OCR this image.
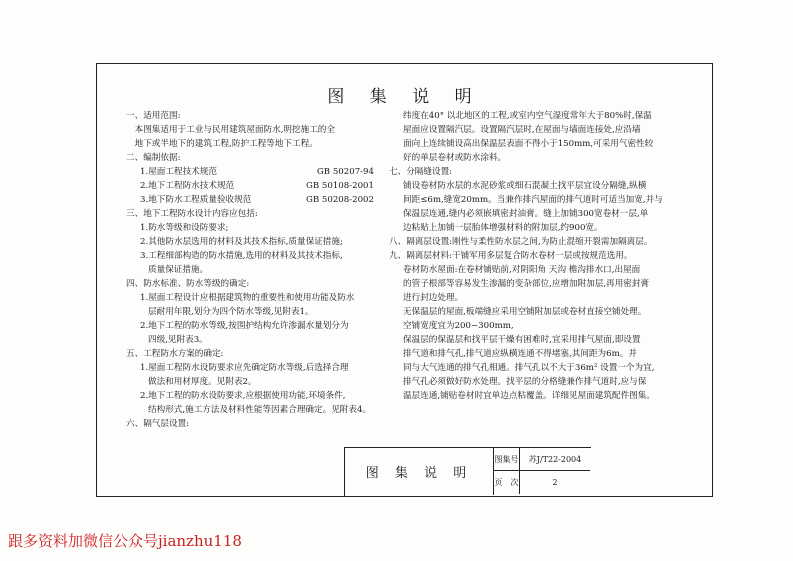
图 集 说 明
一、适用范围:
　本图集适用于工业与民用建筑屋面防水,明挖施工的全
　地下或半地下的建筑工程,防护工程等地下工程。
二、编制依据:
1.屋面工程技术规范	GB 50207-94
2.地下工程防水技术规范	GB 50108-2001
3.地下防水工程质量验收规范	GB 50208-2002
三、地下工程防水设计内容应包括:
1.防水等级和设防要求;
2.其他防水层选用的材料及其技术指标,质量保证措施;
3.工程细部构造的防水措施,选用的材料及其技术指标,
质量保证措施。
四、防水标准、防水等级的确定:
1.屋面工程设计应根据建筑物的重要性和使用功能及防水
层耐用年限,划分为四个防水等级,见附表1。
2.地下工程的防水等级,按围护结构允许渗漏水量划分为
四级,见附表3。
五、工程防水方案的确定:
1.屋面工程防水设防要求应先确定防水等级,后选择合理
做法和用材厚度。见附表2。
2.地下工程的防水设防要求,应根据使用功能,环境条件,
结构形式,施工方法及材料性能等因素合理确定。见附表4。
六、隔气层设置:
纬度在40° 以北地区的工程,或室内空气湿度常年大于80%时,保温
屋面应设置隔汽层。设置隔汽层时,在屋面与墙面连接处,应沿墙
面向上连续铺设高出保温层表面不得小于150mm,可采用气密性较
好的单层卷材或防水涂料。
七、分隔缝设置:
铺设卷材防水层的水泥砂浆或细石混凝土找平层宜设分隔缝,纵横
间距≤6m,缝宽20mm。当兼作排汽屋面的排气道时可适当加宽,并与
保温层连通,缝内必须嵌填密封油膏。缝上加铺300宽卷材一层,单
边粘贴上加铺一层胎体增强材料的附加层,约900宽。
八、隔离层设置:刚性与柔性防水层之间,为防止混缩开裂需加隔离层。
九、隔离层材料:干铺军用多层复合防水卷材一层或按规范选用。
卷材防水屋面:在卷材铺贴前,对阴阳角 天沟 檐沟排水口,出屋面
的管子根部等容易发生渗漏的变杂部位,应增加附加层,再用密封膏
进行封边处理。
无保温层的屋面,板端缝应采用空铺附加层或卷材直接空铺处理。
空铺宽度宜为200~300mm,
保温层的保温层和找平层干燥有困难时,宜采用排气屋面,即设置
排气道和排气孔,排气道应纵横连通不得堵塞,其间距为6m。并
同与大气连通的排气孔相通。排气孔以不大于36m² 设置一个为宜,
排气孔必须做好防水处理。找平层的分格缝兼作排气道时,应与保
温层连通,铺贴卷材时宜单边点粘覆盖。详细见屋面建筑配件图集。
图 集 说 明
图集号	苏J/T22-2004
页　次	2
跟多资料加微信公众号jianzhu118
